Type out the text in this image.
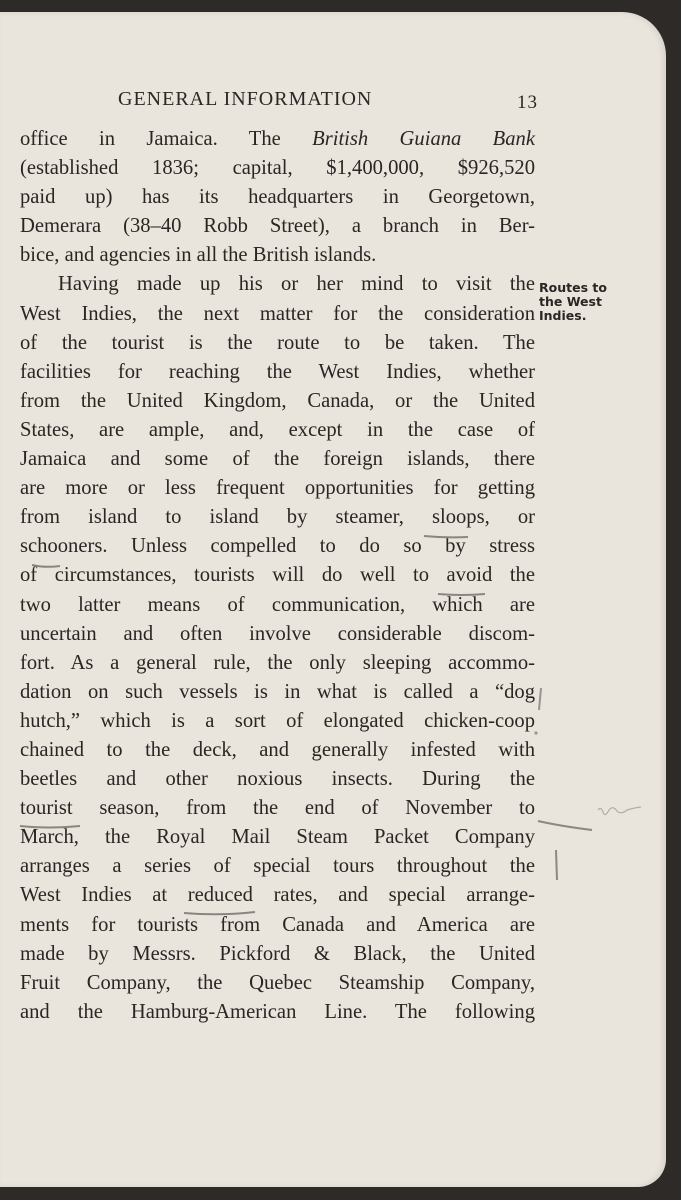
GENERAL INFORMATION	13
office in Jamaica. The British Guiana Bank
(established 1836; capital, $1,400,000, $926,520
paid up) has its headquarters in Georgetown,
Demerara (38–40 Robb Street), a branch in Ber-
bice, and agencies in all the British islands.
Having made up his or her mind to visit the
West Indies, the next matter for the consideration
of the tourist is the route to be taken. The
facilities for reaching the West Indies, whether
from the United Kingdom, Canada, or the United
States, are ample, and, except in the case of
Jamaica and some of the foreign islands, there
are more or less frequent opportunities for getting
from island to island by steamer, sloops, or
schooners. Unless compelled to do so by stress
of circumstances, tourists will do well to avoid the
two latter means of communication, which are
uncertain and often involve considerable discom-
fort. As a general rule, the only sleeping accommo-
dation on such vessels is in what is called a “dog
hutch,” which is a sort of elongated chicken-coop
chained to the deck, and generally infested with
beetles and other noxious insects. During the
tourist season, from the end of November to
March, the Royal Mail Steam Packet Company
arranges a series of special tours throughout the
West Indies at reduced rates, and special arrange-
ments for tourists from Canada and America are
made by Messrs. Pickford & Black, the United
Fruit Company, the Quebec Steamship Company,
and the Hamburg-American Line. The following
Routes to
the West
Indies.
